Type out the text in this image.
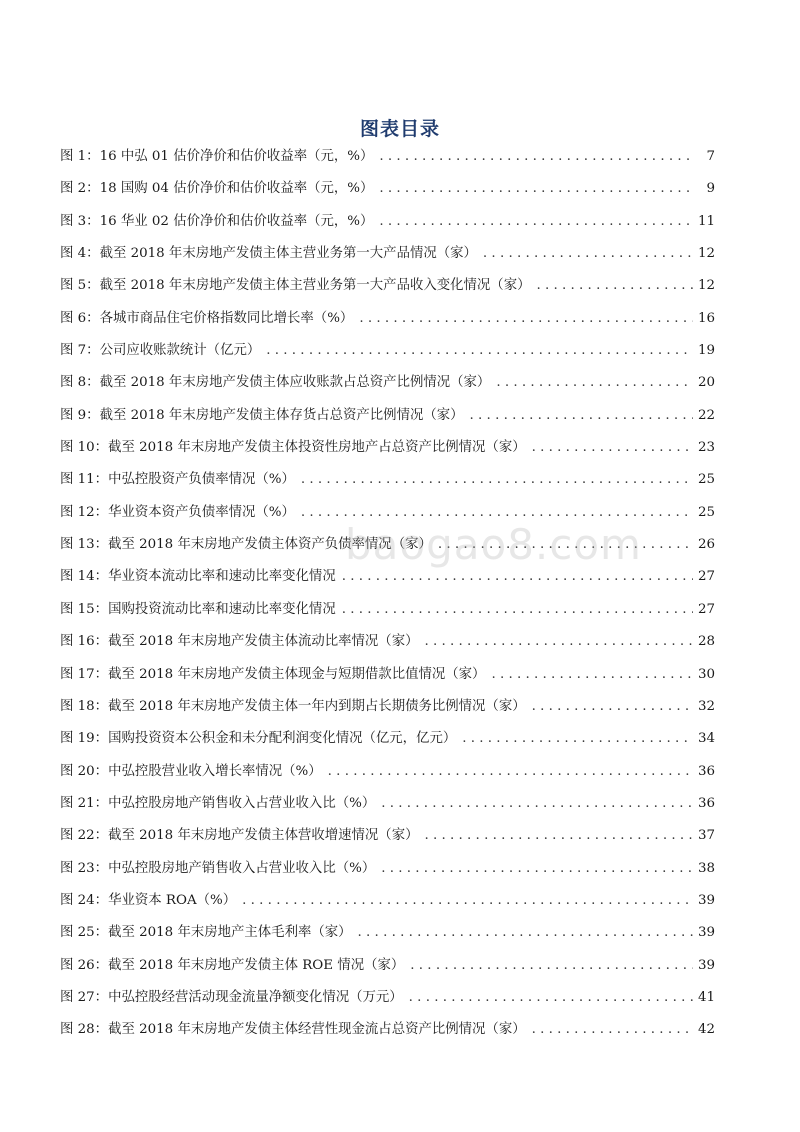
图表目录
图 1： 16 中弘 01 估价净价和估价收益率（元，%） . . .	7
图 2： 18 国购 04 估价净价和估价收益率（元，%） . . .	9
图 3： 16 华业 02 估价净价和估价收益率（元，%） . . .	11
图 4： 截至 2018 年末房地产发债主体主营业务第一大产品情况（家） . . .	12
图 5： 截至 2018 年末房地产发债主体主营业务第一大产品收入变化情况（家） . . .	12
图 6： 各城市商品住宅价格指数同比增长率（%） . . .	16
图 7： 公司应收账款统计（亿元） . . .	19
图 8： 截至 2018 年末房地产发债主体应收账款占总资产比例情况（家） . . .	20
图 9： 截至 2018 年末房地产发债主体存货占总资产比例情况（家） . . .	22
图 10： 截至 2018 年末房地产发债主体投资性房地产占总资产比例情况（家） . . .	23
图 11： 中弘控股资产负债率情况（%） . . .	25
图 12： 华业资本资产负债率情况（%） . . .	25
图 13： 截至 2018 年末房地产发债主体资产负债率情况（家） . . .	26
图 14： 华业资本流动比率和速动比率变化情况 . . .	27
图 15： 国购投资流动比率和速动比率变化情况 . . .	27
图 16： 截至 2018 年末房地产发债主体流动比率情况（家） . . .	28
图 17： 截至 2018 年末房地产发债主体现金与短期借款比值情况（家） . . .	30
图 18： 截至 2018 年末房地产发债主体一年内到期占长期债务比例情况（家） . . .	32
图 19： 国购投资资本公积金和未分配利润变化情况（亿元，亿元） . . .	34
图 20： 中弘控股营业收入增长率情况（%） . . .	36
图 21： 中弘控股房地产销售收入占营业收入比（%） . . .	36
图 22： 截至 2018 年末房地产发债主体营收增速情况（家） . . .	37
图 23： 中弘控股房地产销售收入占营业收入比（%） . . .	38
图 24： 华业资本 ROA（%） . . .	39
图 25： 截至 2018 年末房地产主体毛利率（家） . . .	39
图 26： 截至 2018 年末房地产发债主体 ROE 情况（家） . . .	39
图 27： 中弘控股经营活动现金流量净额变化情况（万元） . . .	41
图 28： 截至 2018 年末房地产发债主体经营性现金流占总资产比例情况（家） . . .	42
baogao8.com
